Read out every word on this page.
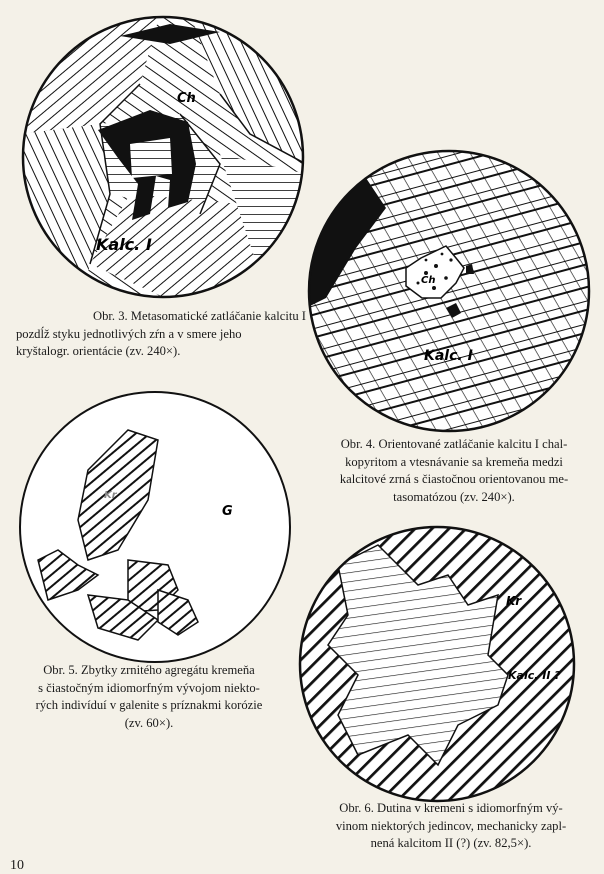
Ch
Kalc. I
Obr. 3. Metasomatické zatláčanie kalcitu I
pozdĺž styku jednotlivých zŕn a v smere jeho
kryštalogr. orientácie (zv. 240×).
Ch
Kalc. I
Obr. 4. Orientované zatláčanie kalcitu I chal-
kopyritom a vtesnávanie sa kremeňa medzi
kalcitové zrná s čiastočnou orientovanou me-
tasomatózou (zv. 240×).
Kr
G
Obr. 5. Zbytky zrnitého agregátu kremeňa
s čiastočným idiomorfným vývojom niekto-
rých indivíduí v galenite s príznakmi korózie
(zv. 60×).
Kr
Kalc. II ?
Obr. 6. Dutina v kremeni s idiomorfným vý-
vinom niektorých jedincov, mechanicky zapl-
nená kalcitom II (?) (zv. 82,5×).
10
